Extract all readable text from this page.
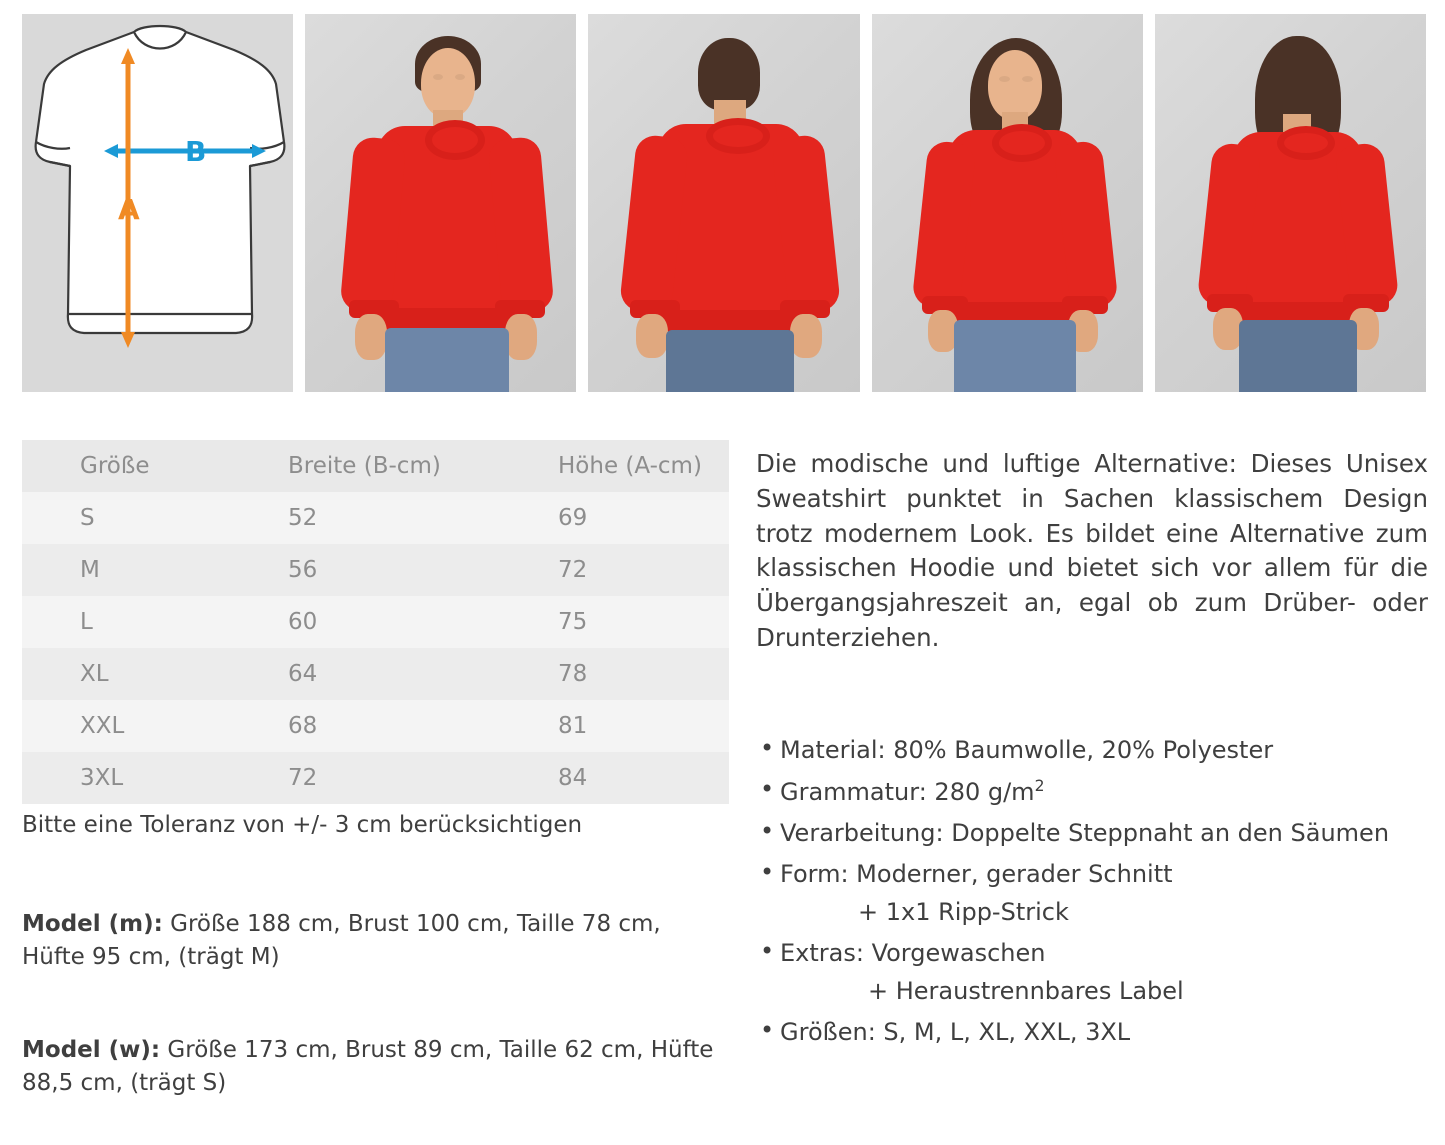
B
A
Größe	Breite (B-cm)	Höhe (A-cm)
S	52	69
M	56	72
L	60	75
XL	64	78
XXL	68	81
3XL	72	84
Bitte eine Toleranz von +/- 3 cm berücksichtigen
Model (m): Größe 188 cm, Brust 100 cm, Taille 78 cm, Hüfte 95 cm, (trägt M)
Model (w): Größe 173 cm, Brust 89 cm, Taille 62 cm, Hüfte 88,5 cm, (trägt S)
Die modische und luftige Alternative: Dieses Unisex Sweatshirt punktet in Sachen klassischem Design trotz modernem Look. Es bildet eine Alternative zum klassischen Hoodie und bietet sich vor allem für die Übergangsjahreszeit an, egal ob zum Drüber- oder Drunterziehen.
• Material: 80% Baumwolle, 20% Polyester
• Grammatur: 280 $g/m^2$
• Verarbeitung: Doppelte Steppnaht an den Säumen
• Form: Moderner, gerader Schnitt
+ 1x1 Ripp-Strick
• Extras: Vorgewaschen
+ Heraustrennbares Label
• Größen: S, M, L, XL, XXL, 3XL
